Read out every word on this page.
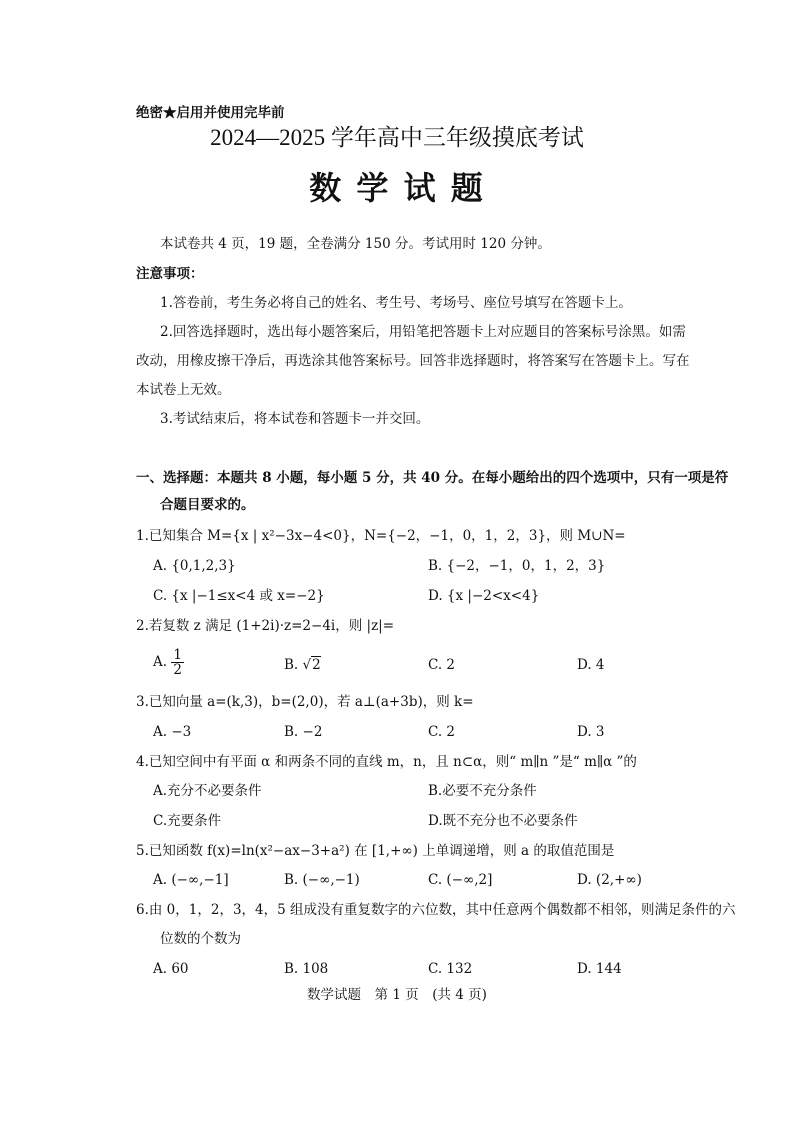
绝密★启用并使用完毕前
2024—2025 学年高中三年级摸底考试
数 学 试 题
本试卷共 4 页，19 题，全卷满分 150 分。考试用时 120 分钟。
注意事项：
1.答卷前，考生务必将自己的姓名、考生号、考场号、座位号填写在答题卡上。
2.回答选择题时，选出每小题答案后，用铅笔把答题卡上对应题目的答案标号涂黑。如需
改动，用橡皮擦干净后，再选涂其他答案标号。回答非选择题时，将答案写在答题卡上。写在
本试卷上无效。
3.考试结束后，将本试卷和答题卡一并交回。
一、选择题：本题共 8 小题，每小题 5 分，共 40 分。在每小题给出的四个选项中，只有一项是符
合题目要求的。
1.已知集合 M={x | x²−3x−4<0}，N={−2，−1，0，1，2，3}，则 M∪N=
A. {0,1,2,3}	B. {−2，−1，0，1，2，3}
C. {x |−1≤x<4 或 x=−2}	D. {x |−2<x<4}
2.若复数 z 满足 (1+2i)·z=2−4i，则 |z|=
A. $\frac{1}{2}$	B. √2	C. 2	D. 4
3.已知向量 a=(k,3)，b=(2,0)，若 a⊥(a+3b)，则 k=
A. −3	B. −2	C. 2	D. 3
4.已知空间中有平面 α 和两条不同的直线 m，n，且 n⊂α，则“ m∥n ”是“ m∥α ”的
A.充分不必要条件	B.必要不充分条件
C.充要条件	D.既不充分也不必要条件
5.已知函数 f(x)=ln(x²−ax−3+a²) 在 [1,+∞) 上单调递增，则 a 的取值范围是
A. (−∞,−1]	B. (−∞,−1)	C. (−∞,2]	D. (2,+∞)
6.由 0，1，2，3，4，5 组成没有重复数字的六位数，其中任意两个偶数都不相邻，则满足条件的六
位数的个数为
A. 60	B. 108	C. 132	D. 144
数学试题　第 1 页　(共 4 页)
